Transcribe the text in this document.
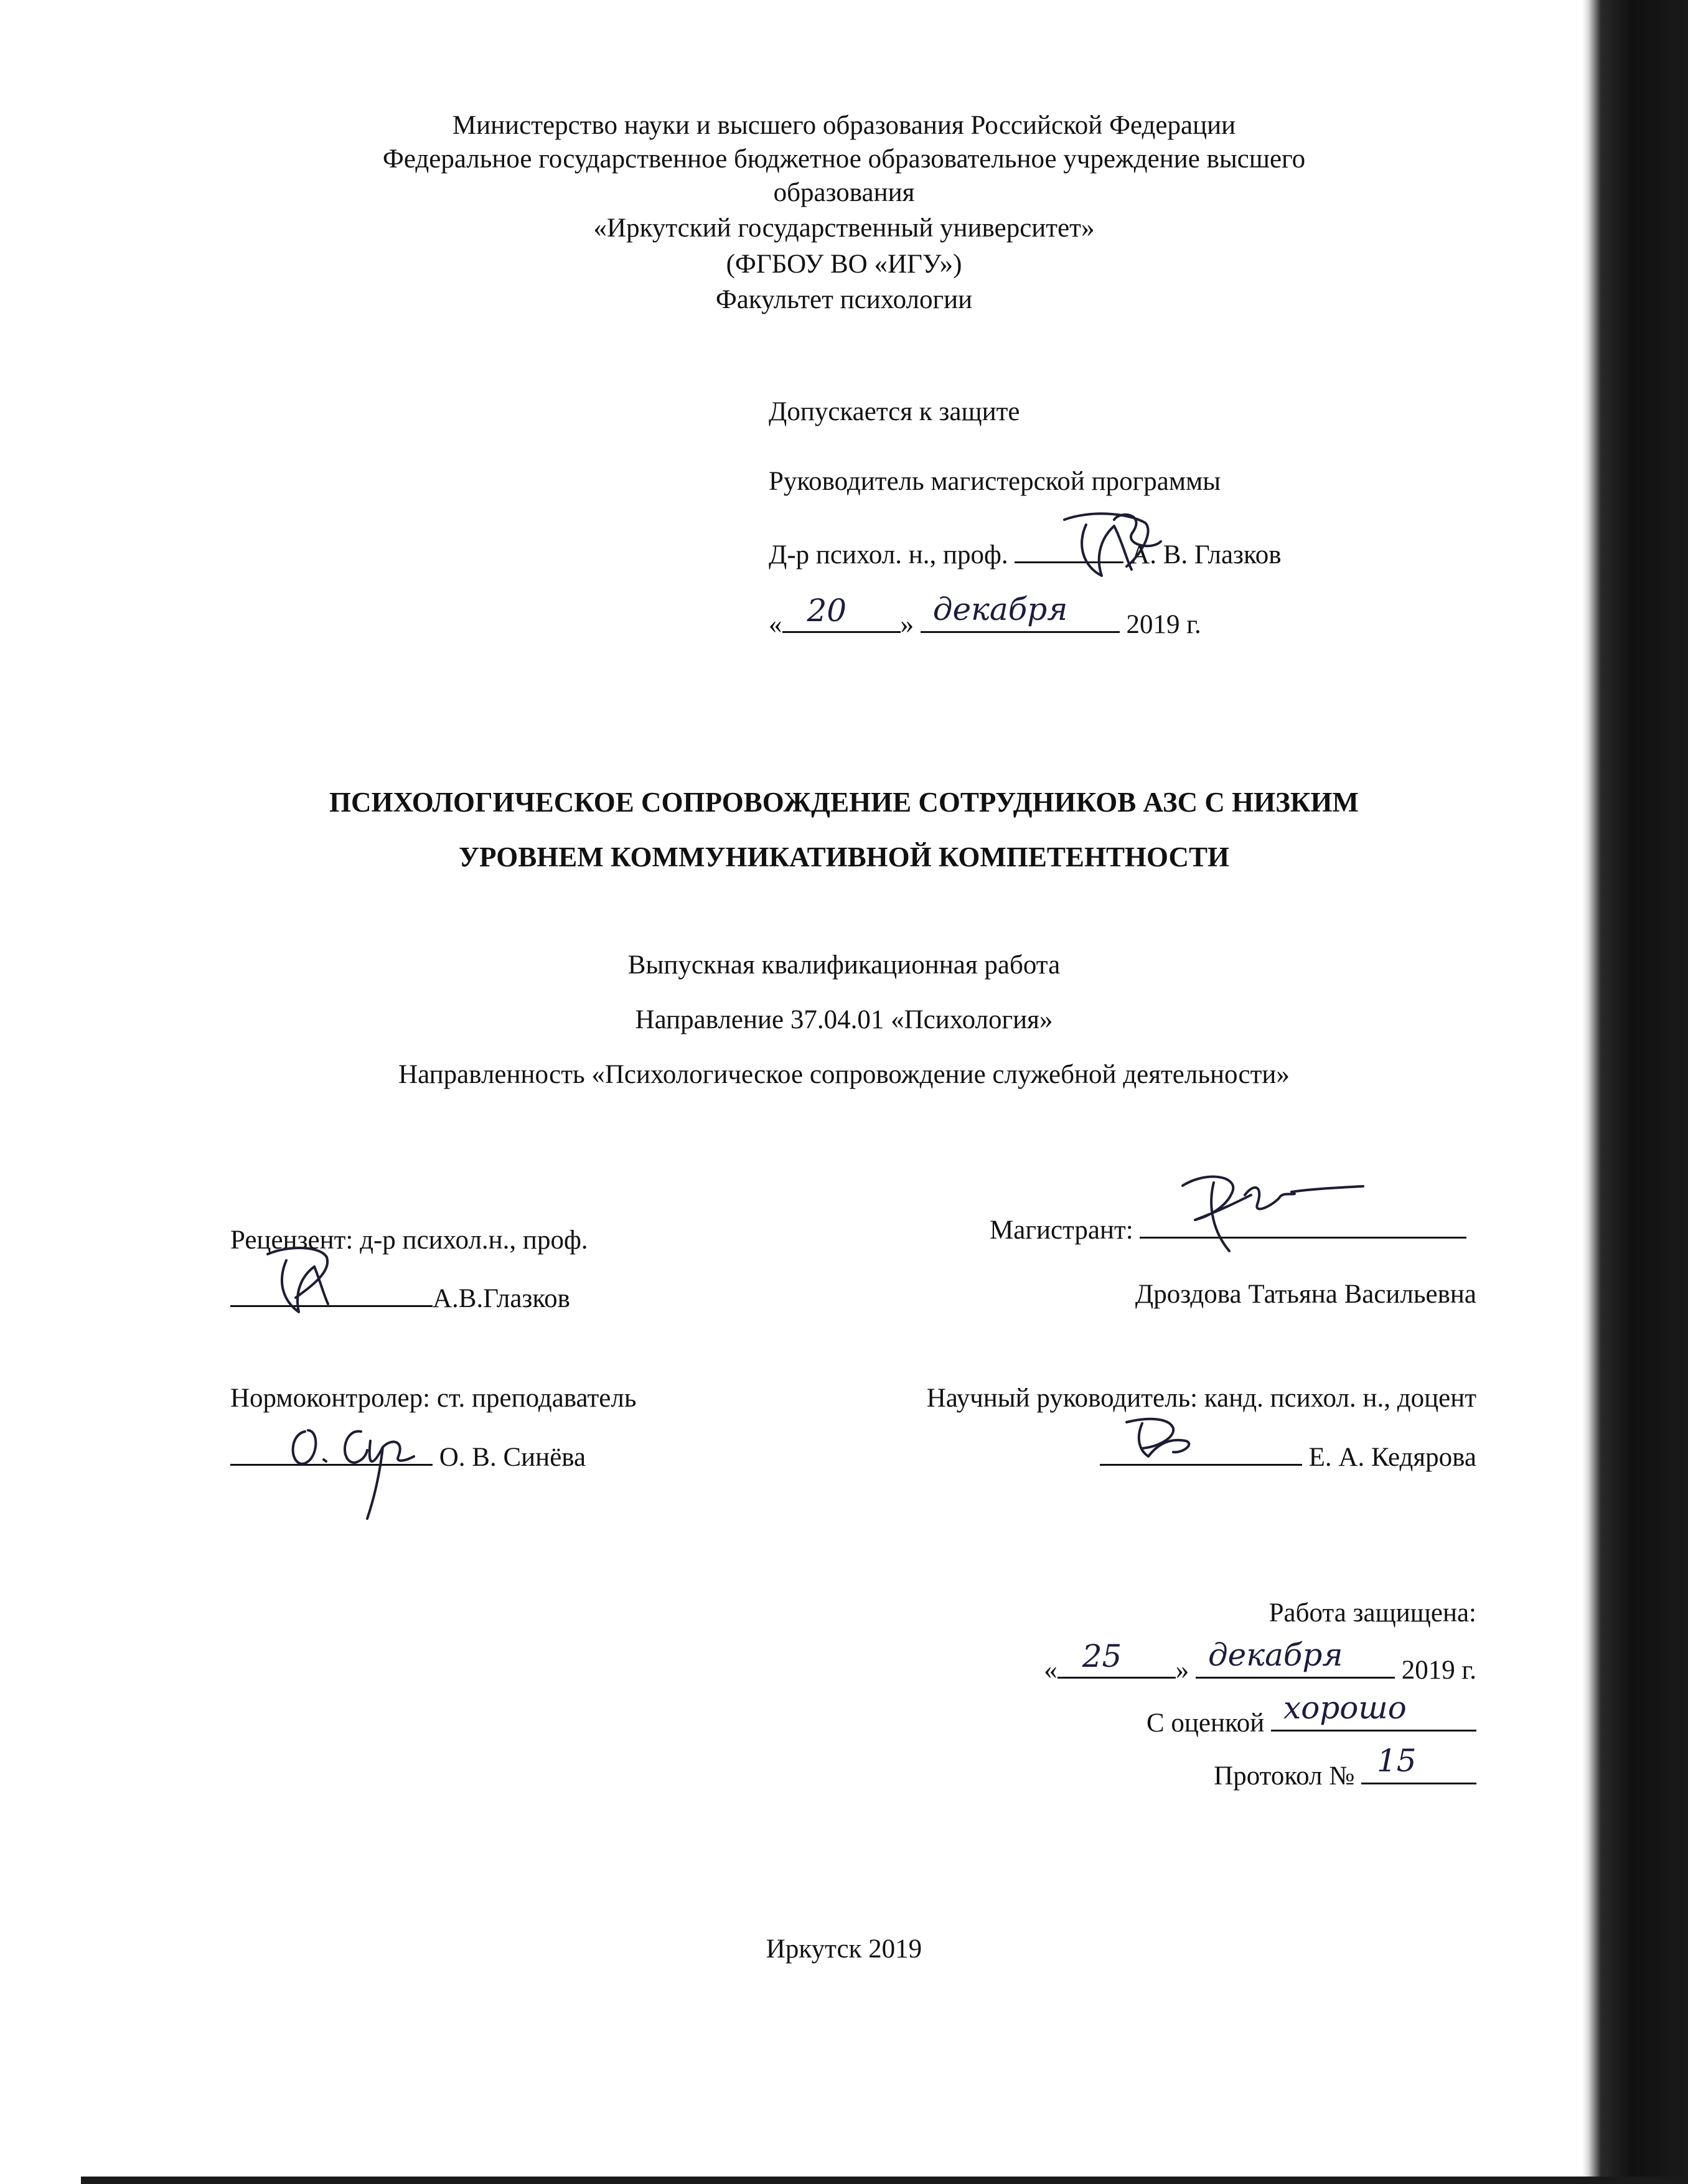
Министерство науки и высшего образования Российской Федерации
Федеральное государственное бюджетное образовательное учреждение высшего
образования
«Иркутский государственный университет»
(ФГБОУ ВО «ИГУ»)
Факультет психологии
Допускается к защите
Руководитель магистерской программы
Д-р психол. н., проф.	А. В. Глазков
« 20 » декабря 2019 г.
ПСИХОЛОГИЧЕСКОЕ СОПРОВОЖДЕНИЕ СОТРУДНИКОВ АЗС С НИЗКИМ
УРОВНЕМ КОММУНИКАТИВНОЙ КОМПЕТЕНТНОСТИ
Выпускная квалификационная работа
Направление 37.04.01 «Психология»
Направленность «Психологическое сопровождение служебной деятельности»
Рецензент: д-р психол.н., проф.
А.В.Глазков
Магистрант:
Дроздова Татьяна Васильевна
Нормоконтролер: ст. преподаватель
О. В. Синёва
Научный руководитель: канд. психол. н., доцент
Е. А. Кедярова
Работа защищена:
« 25 » декабря 2019 г.
С оценкой хорошо
Протокол № 15
Иркутск 2019
